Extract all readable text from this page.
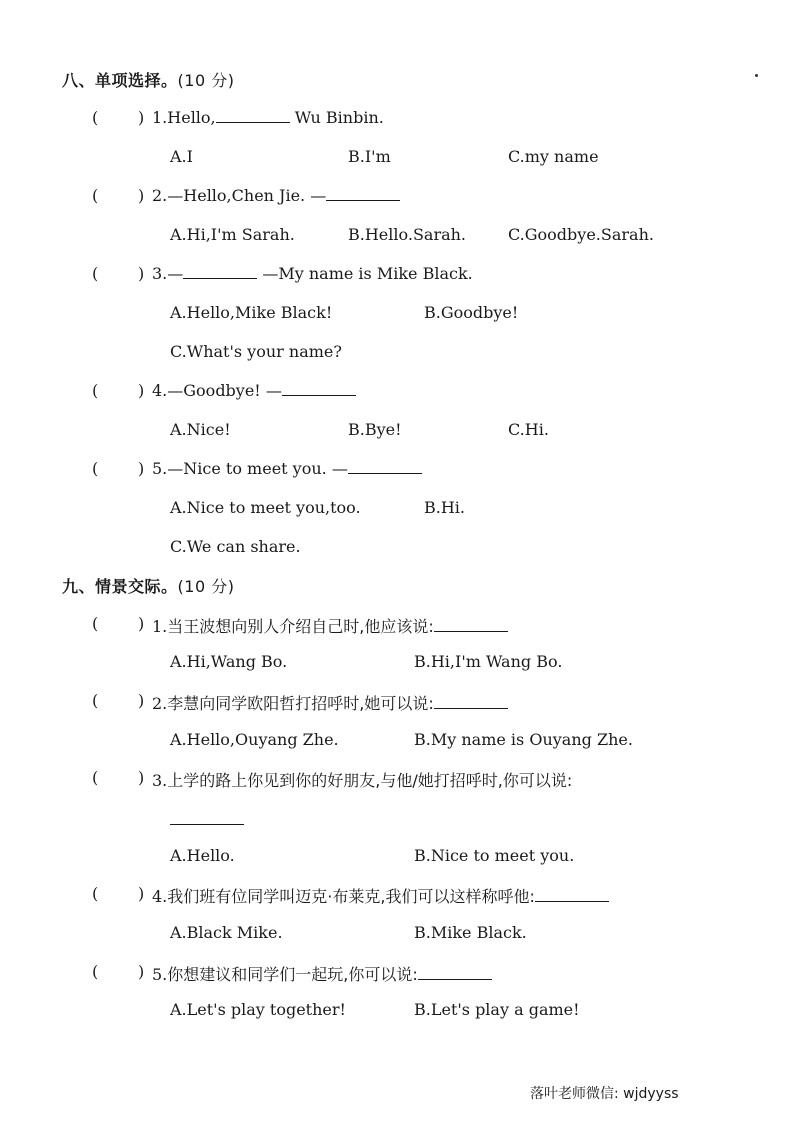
八、单项选择。(10 分)
( ) 1.Hello,	Wu Binbin.
A.I	B.I'm	C.my name
( ) 2.—Hello,Chen Jie. —
A.Hi,I'm Sarah.	B.Hello.Sarah.	C.Goodbye.Sarah.
( ) 3.—	—My name is Mike Black.
A.Hello,Mike Black!	B.Goodbye!
C.What's your name?
( ) 4.—Goodbye! —
A.Nice!	B.Bye!	C.Hi.
( ) 5.—Nice to meet you. —
A.Nice to meet you,too.	B.Hi.
C.We can share.
九、情景交际。(10 分)
( ) 1.当王波想向别人介绍自己时,他应该说:
A.Hi,Wang Bo.	B.Hi,I'm Wang Bo.
( ) 2.李慧向同学欧阳哲打招呼时,她可以说:
A.Hello,Ouyang Zhe.	B.My name is Ouyang Zhe.
( ) 3.上学的路上你见到你的好朋友,与他/她打招呼时,你可以说:
A.Hello.	B.Nice to meet you.
( ) 4.我们班有位同学叫迈克·布莱克,我们可以这样称呼他:
A.Black Mike.	B.Mike Black.
( ) 5.你想建议和同学们一起玩,你可以说:
A.Let's play together!	B.Let's play a game!
落叶老师微信: wjdyyss
